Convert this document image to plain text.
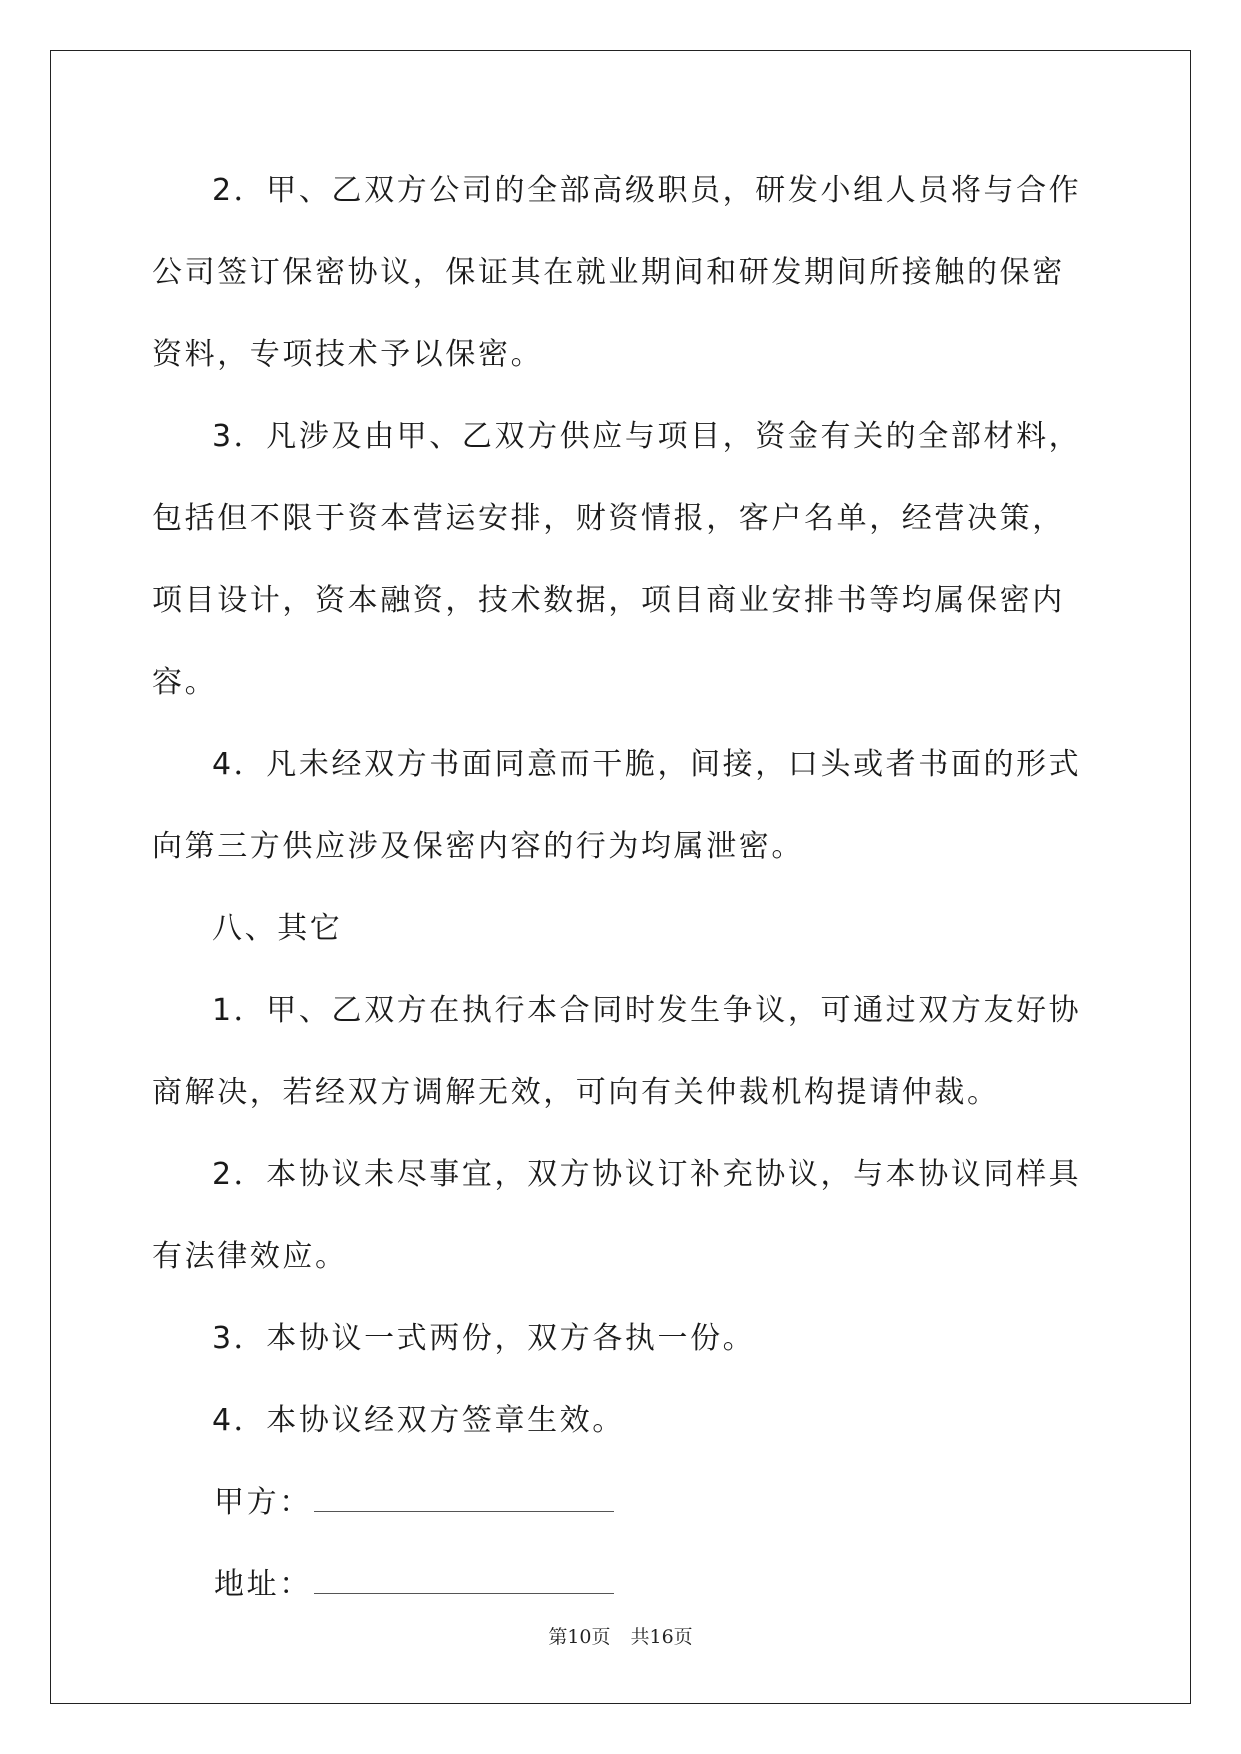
2．甲、乙双方公司的全部高级职员，研发小组人员将与合作公司签订保密协议，保证其在就业期间和研发期间所接触的保密资料，专项技术予以保密。

3．凡涉及由甲、乙双方供应与项目，资金有关的全部材料，包括但不限于资本营运安排，财资情报，客户名单，经营决策，项目设计，资本融资，技术数据，项目商业安排书等均属保密内容。

4．凡未经双方书面同意而干脆，间接，口头或者书面的形式向第三方供应涉及保密内容的行为均属泄密。

八、其它

1．甲、乙双方在执行本合同时发生争议，可通过双方友好协商解决，若经双方调解无效，可向有关仲裁机构提请仲裁。

2．本协议未尽事宜，双方协议订补充协议，与本协议同样具有法律效应。

3．本协议一式两份，双方各执一份。

4．本协议经双方签章生效。

甲方：
地址：
第10页 共16页
